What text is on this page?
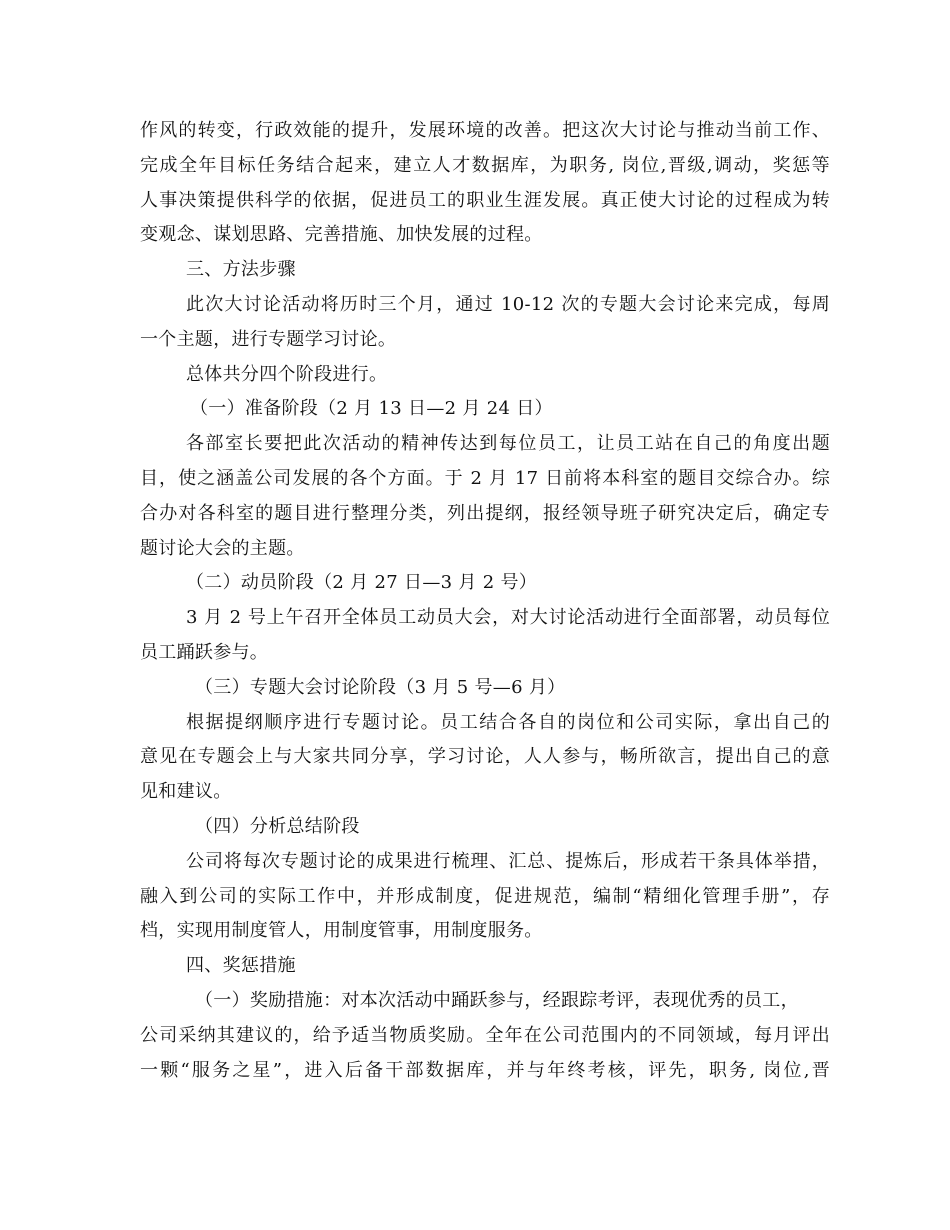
作风的转变，行政效能的提升，发展环境的改善。把这次大讨论与推动当前工作、
完成全年目标任务结合起来，建立人才数据库，为职务, 岗位,晋级,调动，奖惩等
人事决策提供科学的依据，促进员工的职业生涯发展。真正使大讨论的过程成为转
变观念、谋划思路、完善措施、加快发展的过程。
三、方法步骤
此次大讨论活动将历时三个月，通过 10-12 次的专题大会讨论来完成，每周
一个主题，进行专题学习讨论。
总体共分四个阶段进行。
（一）准备阶段（2 月 13 日—2 月 24 日）
各部室长要把此次活动的精神传达到每位员工，让员工站在自己的角度出题
目，使之涵盖公司发展的各个方面。于 2 月 17 日前将本科室的题目交综合办。综
合办对各科室的题目进行整理分类，列出提纲，报经领导班子研究决定后，确定专
题讨论大会的主题。
（二）动员阶段（2 月 27 日—3 月 2 号）
3 月 2 号上午召开全体员工动员大会，对大讨论活动进行全面部署，动员每位
员工踊跃参与。
（三）专题大会讨论阶段（3 月 5 号—6 月）
根据提纲顺序进行专题讨论。员工结合各自的岗位和公司实际，拿出自己的
意见在专题会上与大家共同分享，学习讨论，人人参与，畅所欲言，提出自己的意
见和建议。
（四）分析总结阶段
公司将每次专题讨论的成果进行梳理、汇总、提炼后，形成若干条具体举措，
融入到公司的实际工作中，并形成制度，促进规范，编制“精细化管理手册”，存
档，实现用制度管人，用制度管事，用制度服务。
四、奖惩措施
（一）奖励措施：对本次活动中踊跃参与，经跟踪考评，表现优秀的员工，
公司采纳其建议的，给予适当物质奖励。全年在公司范围内的不同领域，每月评出
一颗“服务之星”，进入后备干部数据库，并与年终考核，评先，职务, 岗位,晋
